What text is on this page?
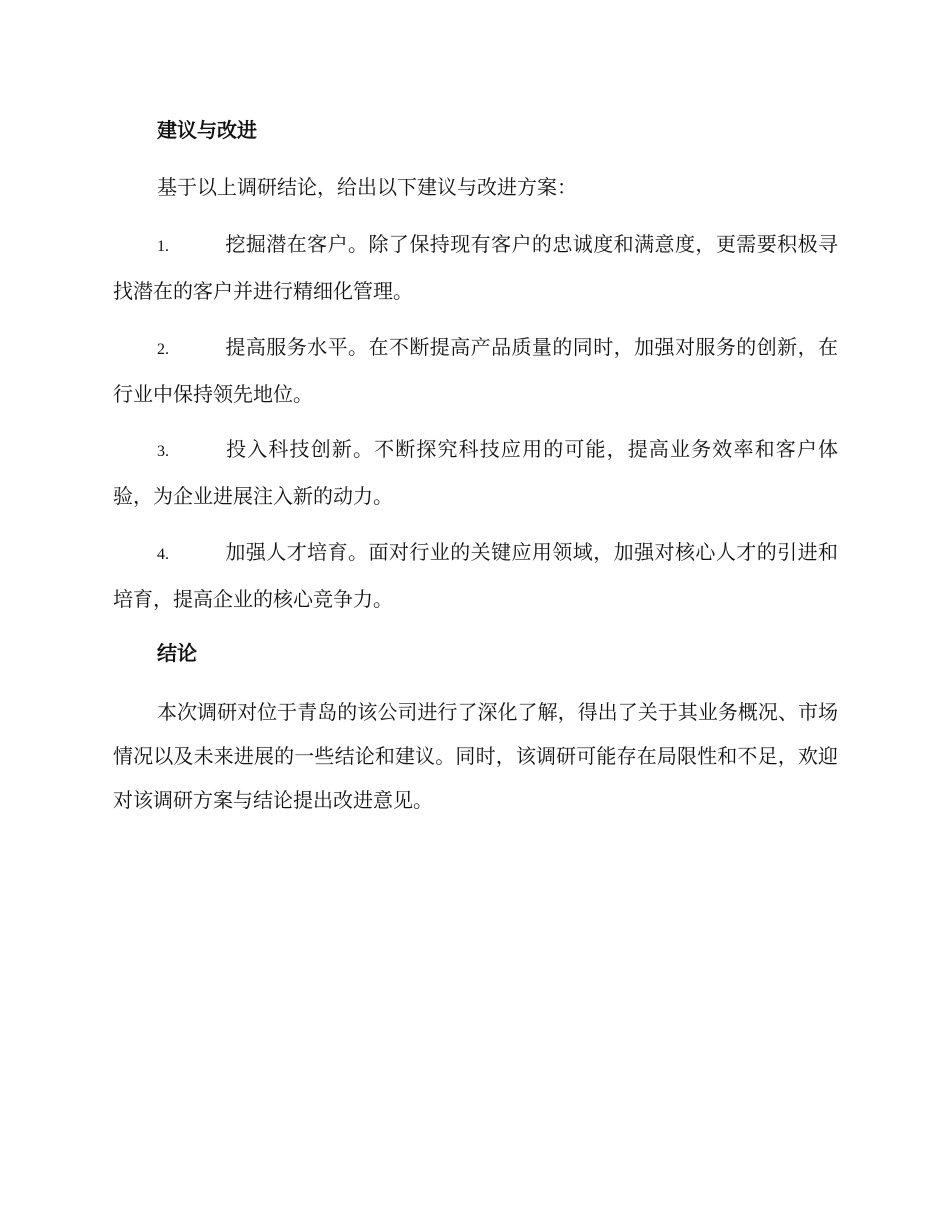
建议与改进
基于以上调研结论，给出以下建议与改进方案：
1.	挖掘潜在客户。除了保持现有客户的忠诚度和满意度，更需要积极寻找潜在的客户并进行精细化管理。
2.	提高服务水平。在不断提高产品质量的同时，加强对服务的创新，在行业中保持领先地位。
3.	投入科技创新。不断探究科技应用的可能，提高业务效率和客户体验，为企业进展注入新的动力。
4.	加强人才培育。面对行业的关键应用领域，加强对核心人才的引进和培育，提高企业的核心竞争力。
结论
本次调研对位于青岛的该公司进行了深化了解，得出了关于其业务概况、市场情况以及未来进展的一些结论和建议。同时，该调研可能存在局限性和不足，欢迎对该调研方案与结论提出改进意见。
